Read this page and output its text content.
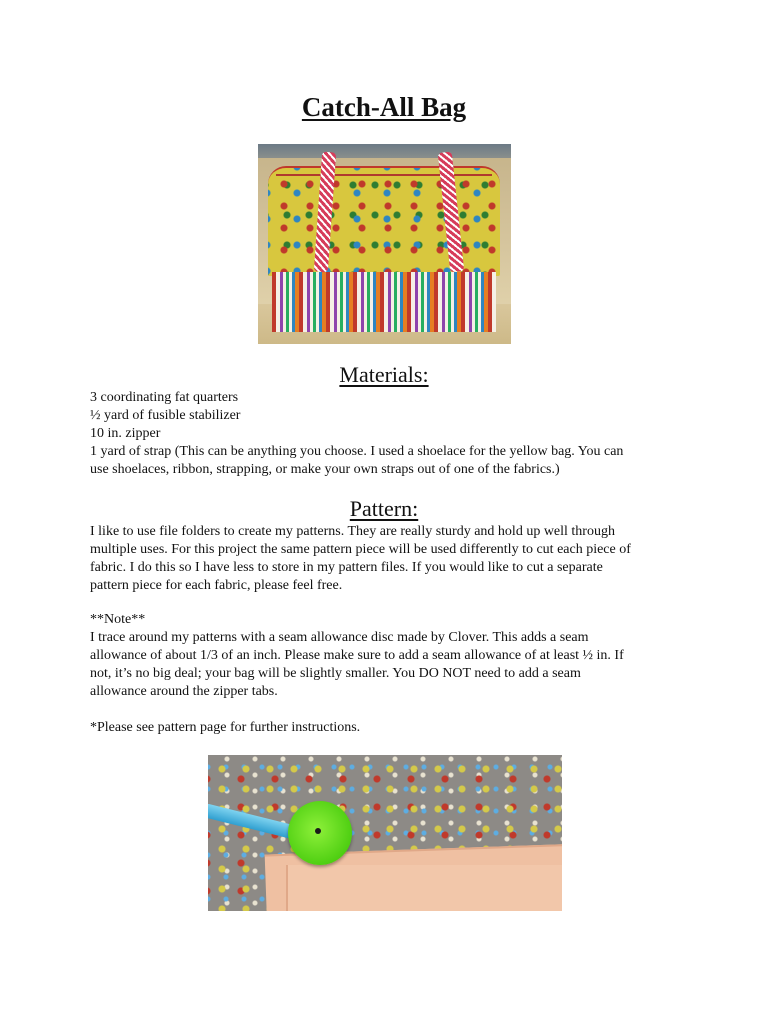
Catch-All Bag
Materials:
3 coordinating fat quarters
½ yard of fusible stabilizer
10 in. zipper
1 yard of strap (This can be anything you choose. I used a shoelace for the yellow bag. You can
use shoelaces, ribbon, strapping, or make your own straps out of one of the fabrics.)
Pattern:
I like to use file folders to create my patterns. They are really sturdy and hold up well through
multiple uses. For this project the same pattern piece will be used differently to cut each piece of
fabric. I do this so I have less to store in my pattern files. If you would like to cut a separate
pattern piece for each fabric, please feel free.
**Note**
I trace around my patterns with a seam allowance disc made by Clover. This adds a seam
allowance of about 1/3 of an inch. Please make sure to add a seam allowance of at least ½ in. If
not, it’s no big deal; your bag will be slightly smaller. You DO NOT need to add a seam
allowance around the zipper tabs.
*Please see pattern page for further instructions.
